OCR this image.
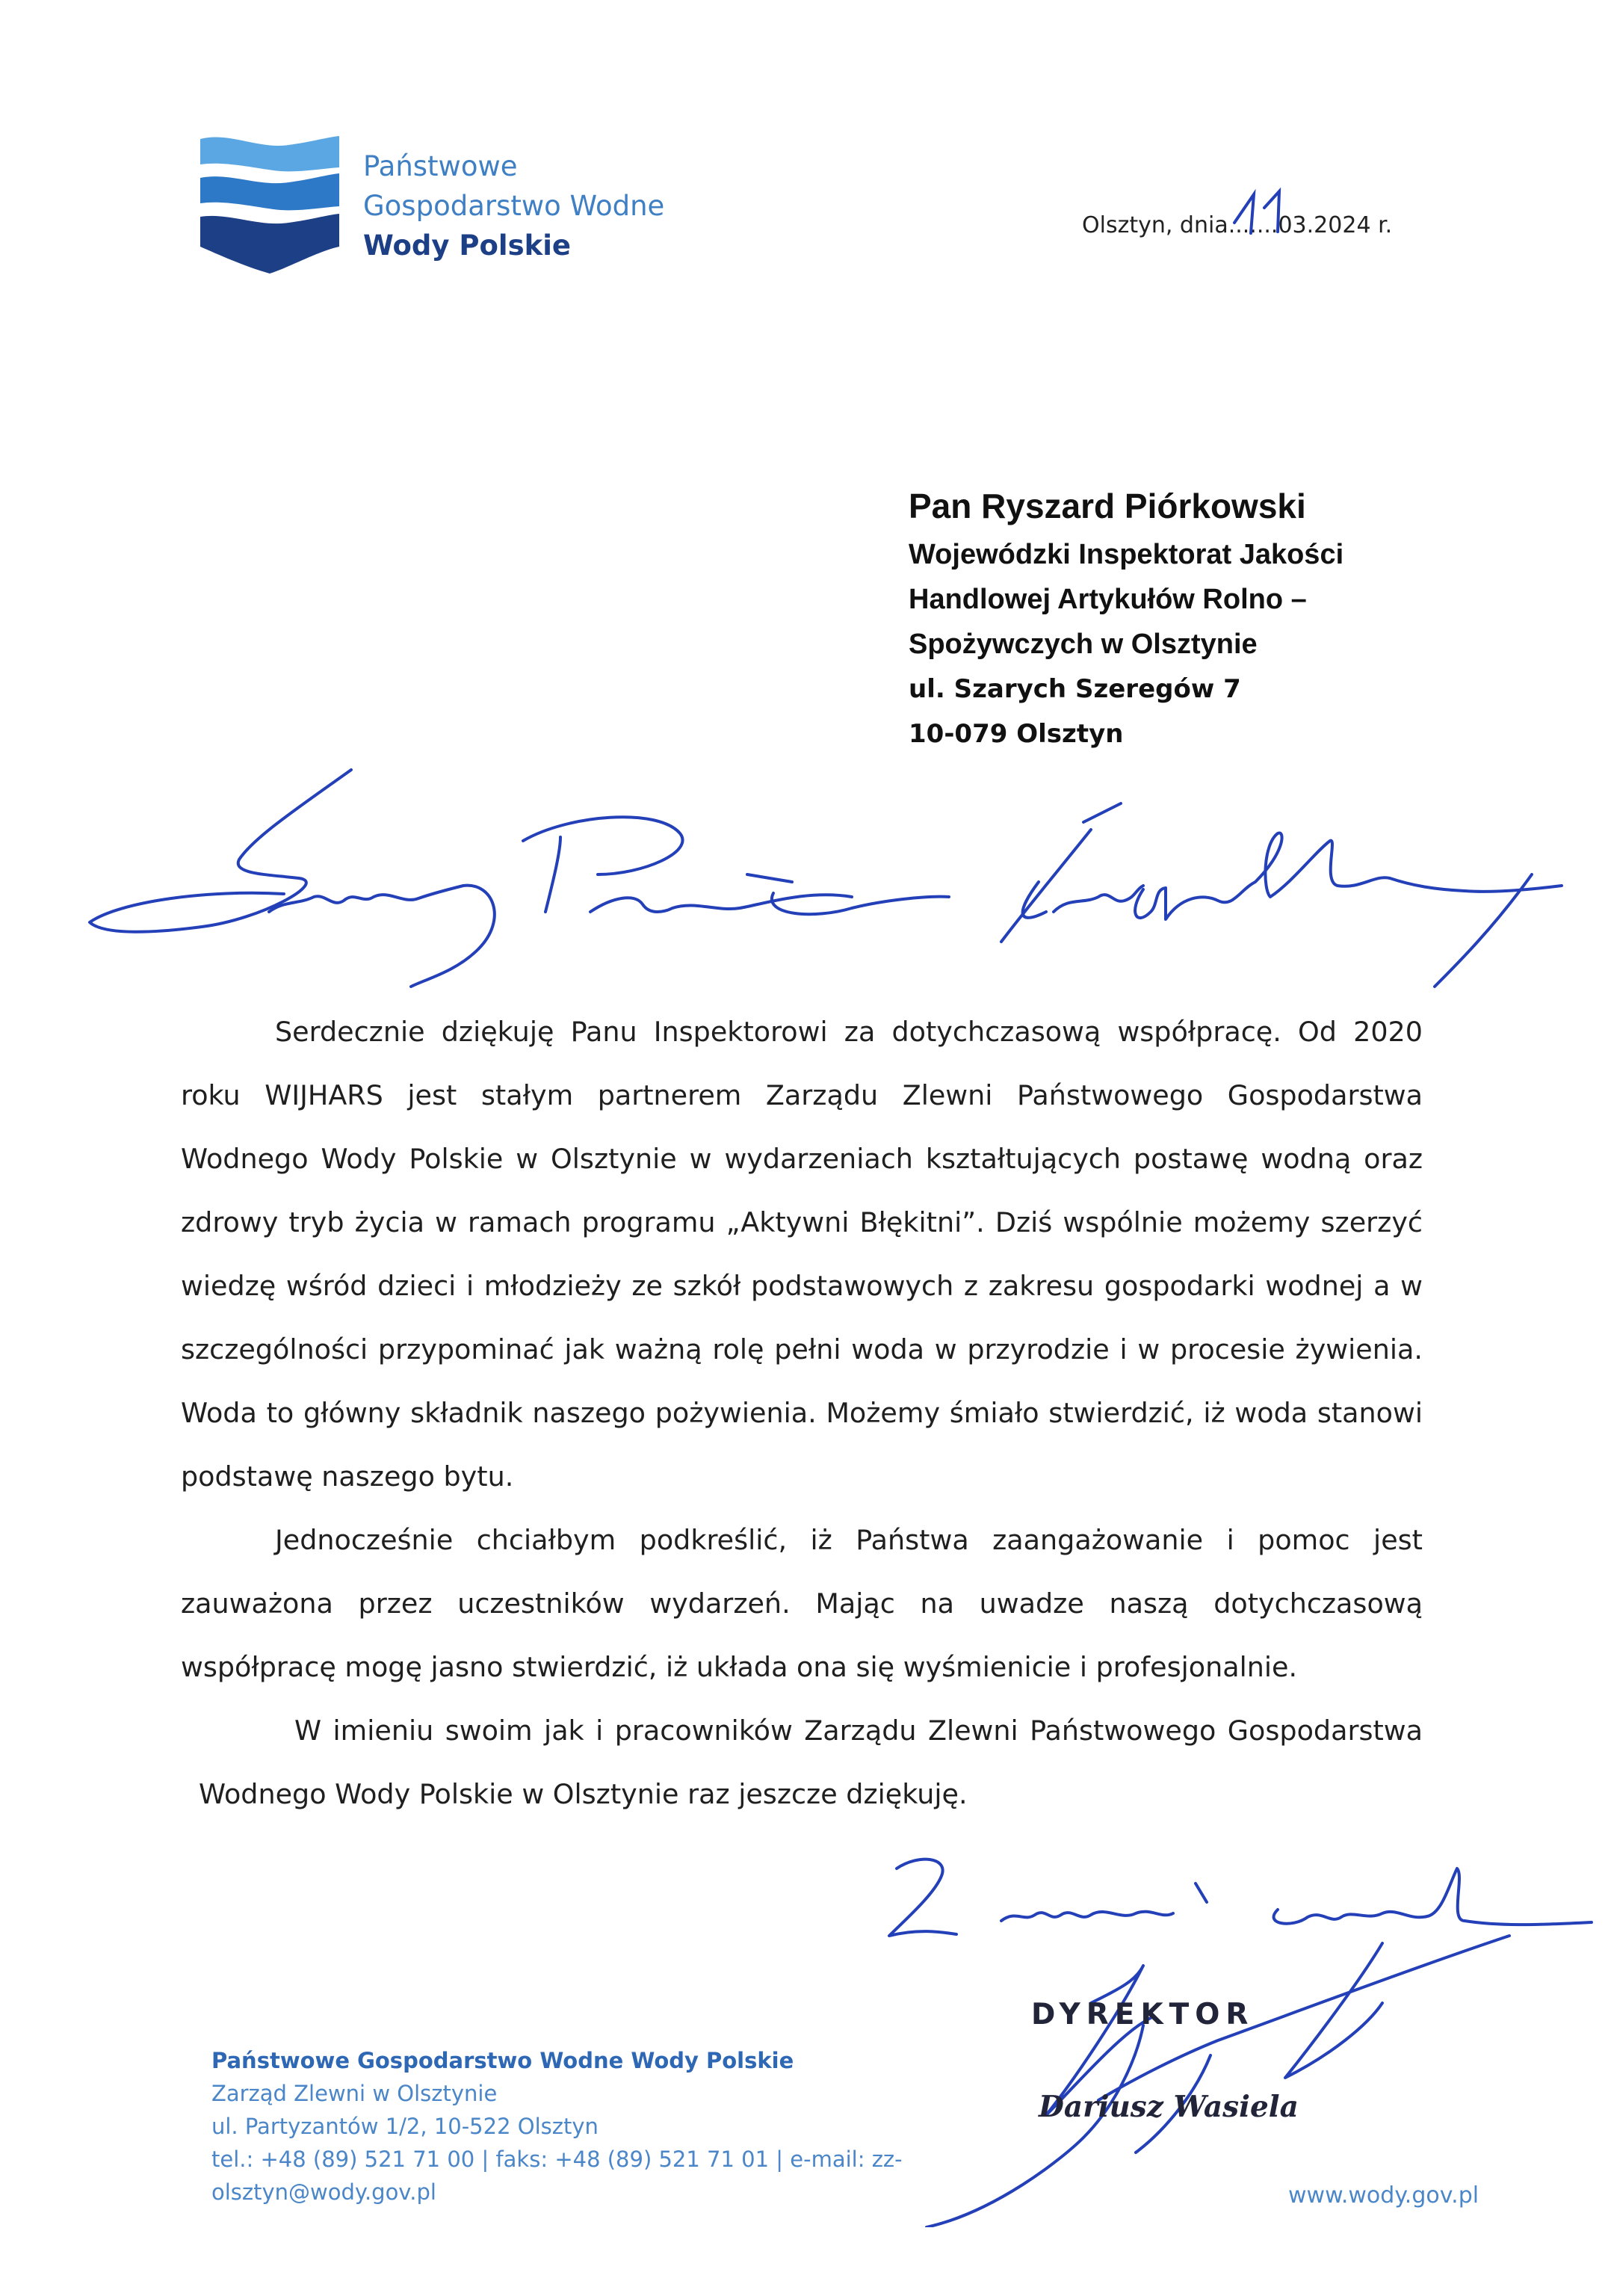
Państwowe
Gospodarstwo Wodne
Wody Polskie
Olsztyn, dnia.......03.2024 r.
Pan Ryszard Piórkowski
Wojewódzki Inspektorat Jakości
Handlowej Artykułów Rolno –
Spożywczych w Olsztynie
ul. Szarych Szeregów 7
10-079 Olsztyn

Serdecznie dziękuję Panu Inspektorowi za dotychczasową współpracę. Od 2020 roku WIJHARS jest stałym partnerem Zarządu Zlewni Państwowego Gospodarstwa Wodnego Wody Polskie w Olsztynie w wydarzeniach kształtujących postawę wodną oraz zdrowy tryb życia w ramach programu „Aktywni Błękitni”. Dziś wspólnie możemy szerzyć wiedzę wśród dzieci i młodzieży ze szkół podstawowych z zakresu gospodarki wodnej a w szczególności przypominać jak ważną rolę pełni woda w przyrodzie i w procesie żywienia. Woda to główny składnik naszego pożywienia. Możemy śmiało stwierdzić, iż woda stanowi podstawę naszego bytu.

Jednocześnie chciałbym podkreślić, iż Państwa zaangażowanie i pomoc jest zauważona przez uczestników wydarzeń. Mając na uwadze naszą dotychczasową współpracę mogę jasno stwierdzić, iż układa ona się wyśmienicie i profesjonalnie.

W imieniu swoim jak i pracowników Zarządu Zlewni Państwowego Gospodarstwa Wodnego Wody Polskie w Olsztynie raz jeszcze dziękuję.

DYREKTOR
Dariusz Wasiela
Państwowe Gospodarstwo Wodne Wody Polskie
Zarząd Zlewni w Olsztynie
ul. Partyzantów 1/2, 10-522 Olsztyn
tel.: +48 (89) 521 71 00 | faks: +48 (89) 521 71 01 | e-mail: zz-
olsztyn@wody.gov.pl	www.wody.gov.pl
